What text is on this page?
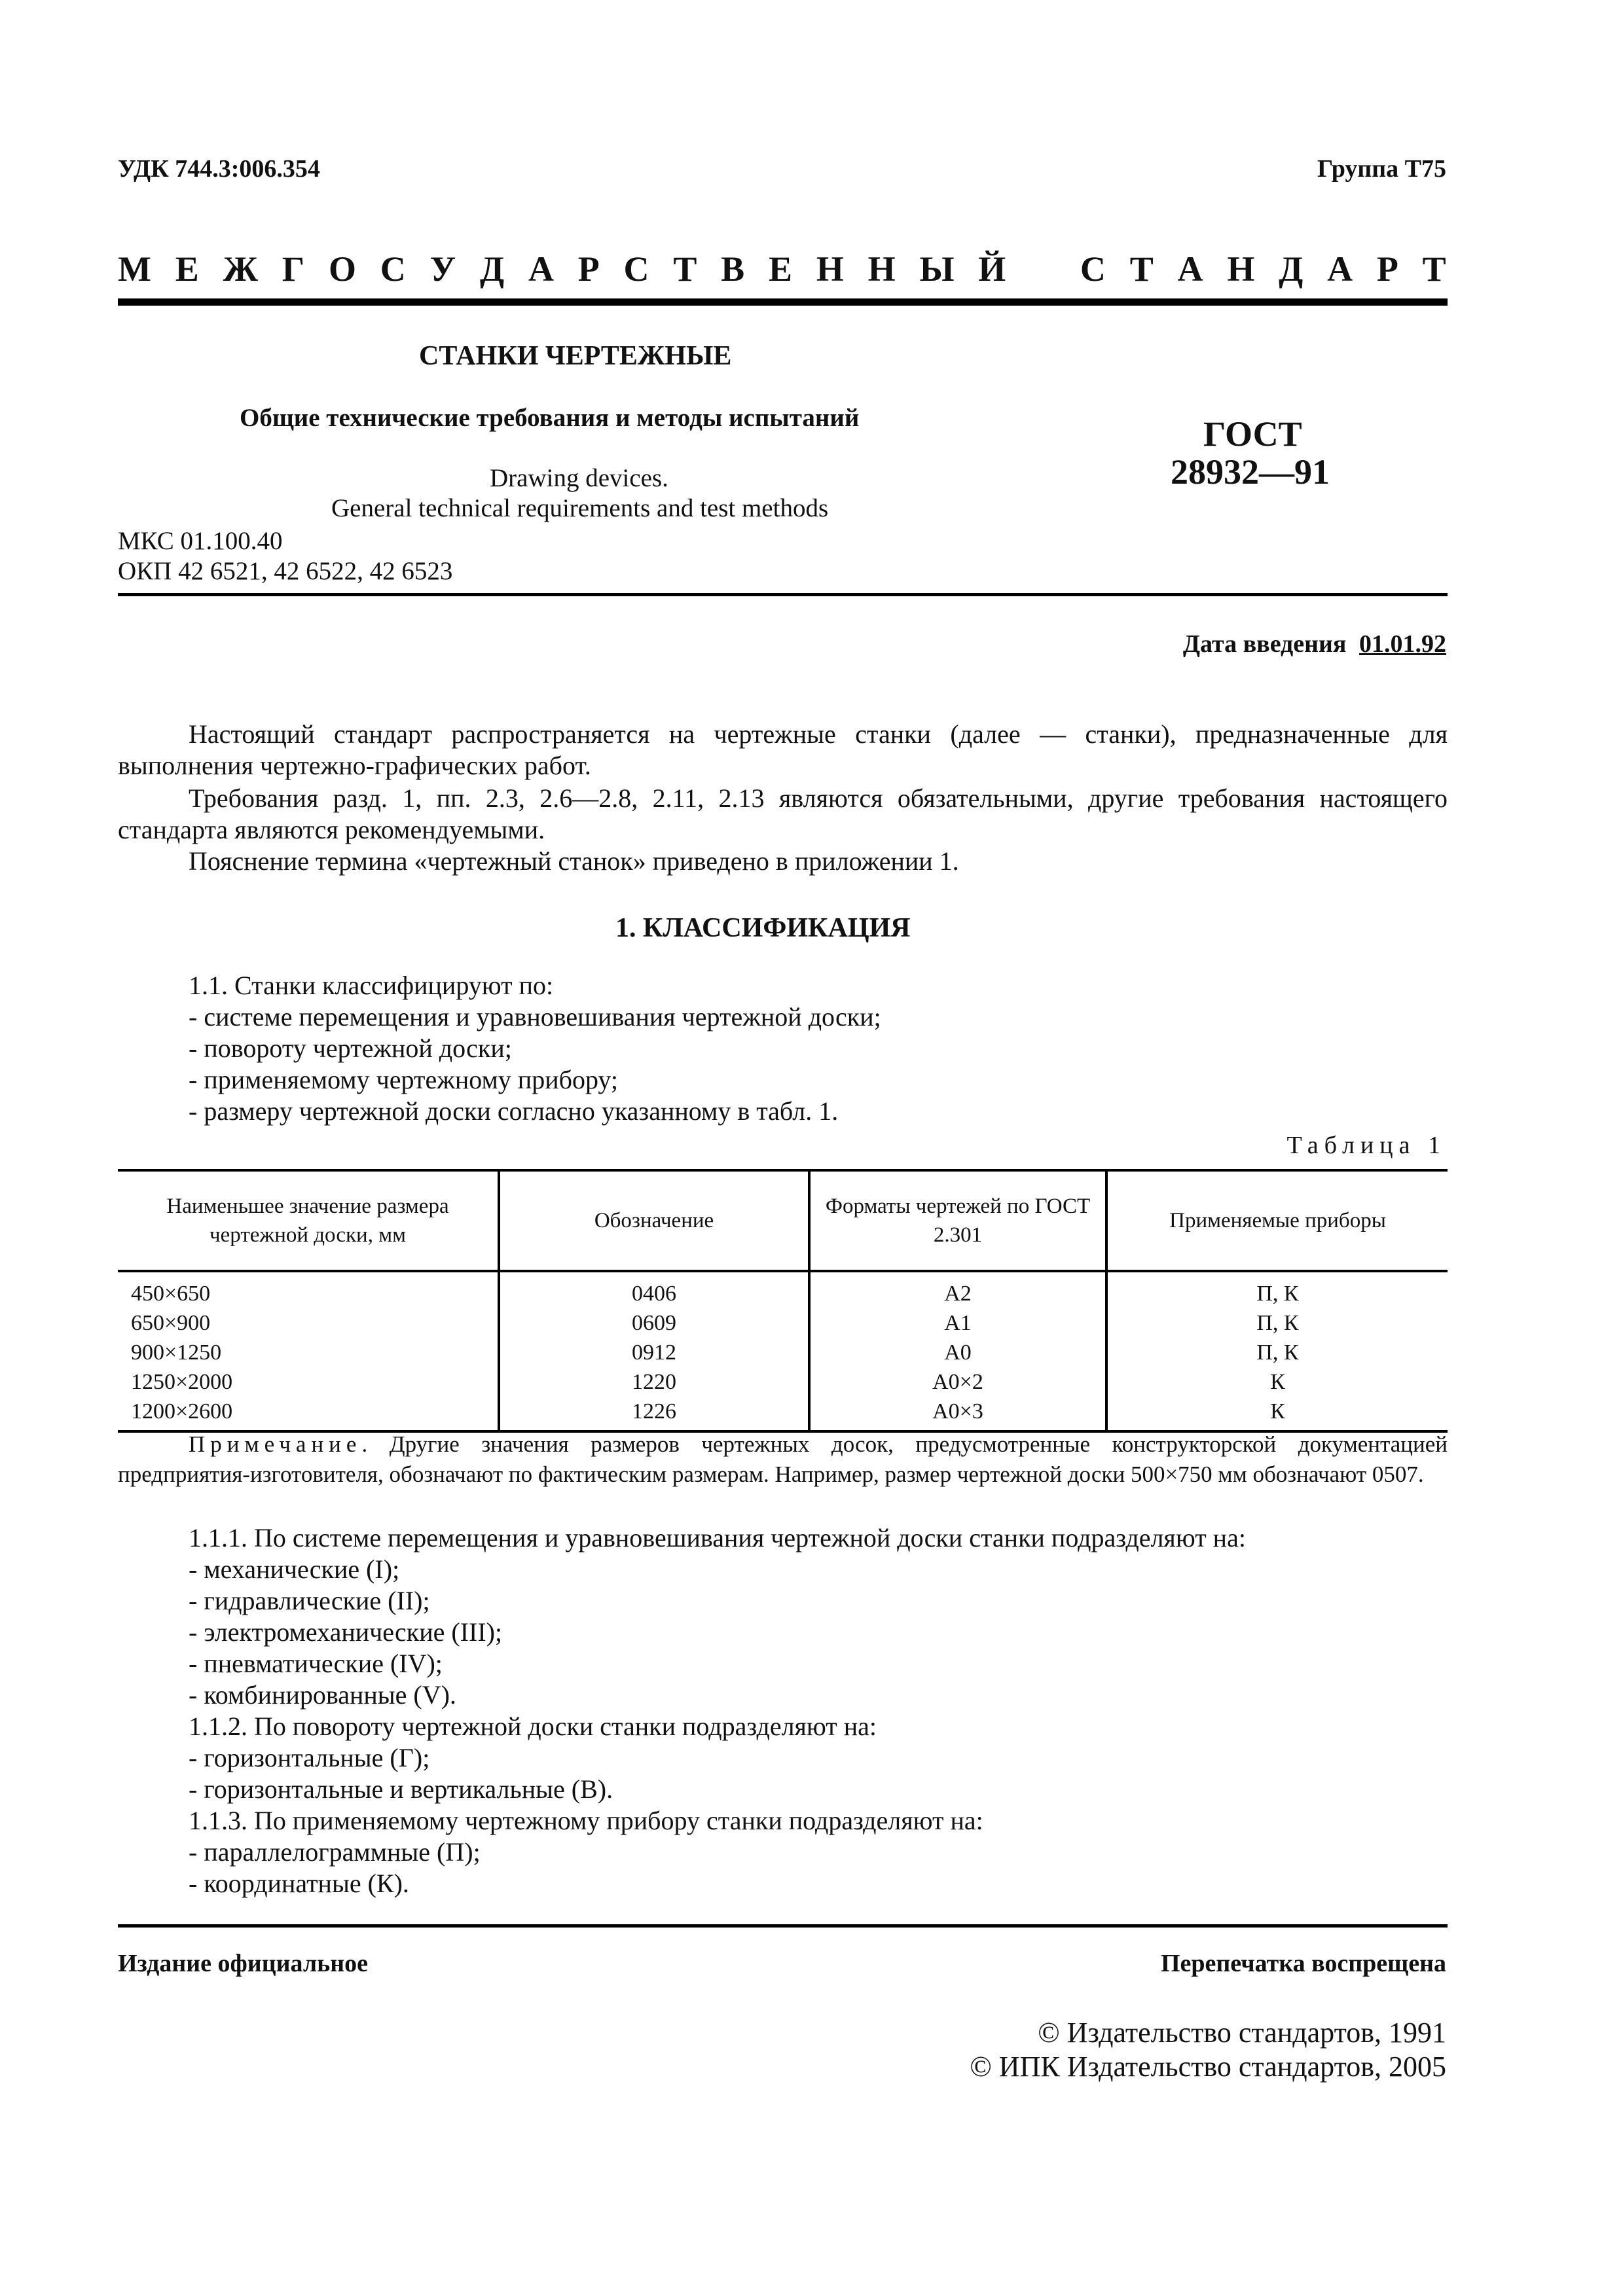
УДК 744.3:006.354	Группа Т75
М Е Ж Г О С У Д А Р С Т В Е Н Н Ы Й С Т А Н Д А Р Т
СТАНКИ ЧЕРТЕЖНЫЕ
Общие технические требования и методы испытаний
Drawing devices.
General technical requirements and test methods
МКС 01.100.40
ОКП 42 6521, 42 6522, 42 6523
ГОСТ
28932—91
Дата введения 01.01.92
Настоящий стандарт распространяется на чертежные станки (далее — станки), предназначенные для выполнения чертежно-графических работ.
Требования разд. 1, пп. 2.3, 2.6—2.8, 2.11, 2.13 являются обязательными, другие требования настоящего стандарта являются рекомендуемыми.
Пояснение термина «чертежный станок» приведено в приложении 1.
1. КЛАССИФИКАЦИЯ
1.1. Станки классифицируют по:
- системе перемещения и уравновешивания чертежной доски;
- повороту чертежной доски;
- применяемому чертежному прибору;
- размеру чертежной доски согласно указанному в табл. 1.
Таблица 1
Наименьшее значение размера чертежной доски, мм	Обозначение	Форматы чертежей по ГОСТ 2.301	Применяемые приборы
450×650	0406	A2	П, К
650×900	0609	A1	П, К
900×1250	0912	A0	П, К
1250×2000	1220	A0×2	К
1200×2600	1226	A0×3	К
Примечание. Другие значения размеров чертежных досок, предусмотренные конструкторской документацией предприятия-изготовителя, обозначают по фактическим размерам. Например, размер чертежной доски 500×750 мм обозначают 0507.
1.1.1. По системе перемещения и уравновешивания чертежной доски станки подразделяют на:
- механические (I);
- гидравлические (II);
- электромеханические (III);
- пневматические (IV);
- комбинированные (V).
1.1.2. По повороту чертежной доски станки подразделяют на:
- горизонтальные (Г);
- горизонтальные и вертикальные (В).
1.1.3. По применяемому чертежному прибору станки подразделяют на:
- параллелограммные (П);
- координатные (К).
Издание официальное	Перепечатка воспрещена
© Издательство стандартов, 1991
© ИПК Издательство стандартов, 2005
